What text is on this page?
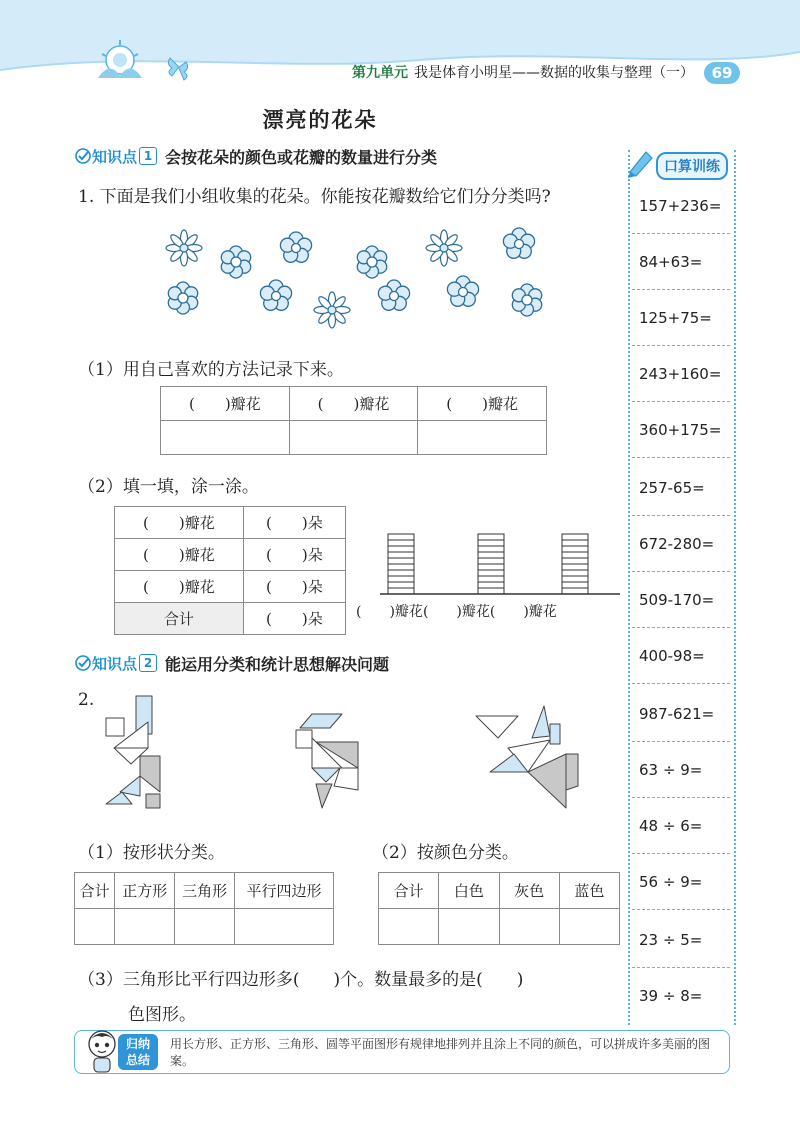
第九单元 我是体育小明星——数据的收集与整理（一）	69
漂亮的花朵
知识点 1 会按花朵的颜色或花瓣的数量进行分类
1. 下面是我们小组收集的花朵。你能按花瓣数给它们分分类吗?
（1）用自己喜欢的方法记录下来。
(　　)瓣花	(　　)瓣花	(　　)瓣花

（2）填一填，涂一涂。
(　　)瓣花	(　　)朵
(　　)瓣花	(　　)朵
(　　)瓣花	(　　)朵
合计	(　　)朵 (　　)瓣花(　　)瓣花(　　)瓣花
知识点 2 能运用分类和统计思想解决问题
2.
（1）按形状分类。	（2）按颜色分类。
合计	正方形	三角形	平行四边形
				合计	白色	灰色	蓝色

（3）三角形比平行四边形多(　　)个。数量最多的是(　　)
色图形。
口算训练
157+236=
84+63=
125+75=
243+160=
360+175=
257-65=
672-280=
509-170=
400-98=
987-621=
63 ÷ 9=
48 ÷ 6=
56 ÷ 9=
23 ÷ 5=
39 ÷ 8=
归纳
总结
用长方形、正方形、三角形、圆等平面图形有规律地排列并且涂上不同的颜色，可以拼成许多美丽的图案。
